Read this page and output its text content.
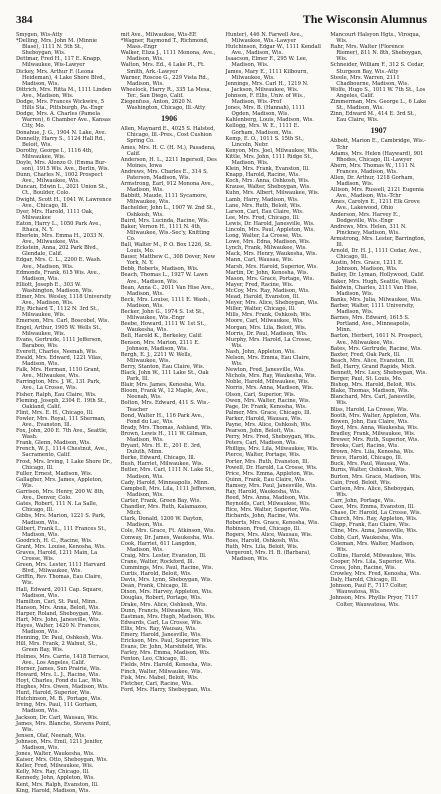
384	The Wisconsin Alumnus

Smygen, Wis-Atty

*Delling, Mrs. John M. (Minnie Blasé), 1111 N. 5th St., Sheboygan, Wis.

Dettmar, Fred H., 117 E. Knapp, Milwaukee, Wis-Lawyer

Dickey, Mrs. Arthur F. (Leona Heideman), 4 Lake Shore Blvd., Madison, Wis.

Dittrich, Mrs. Ritta M., 1111 Linden Ave., Madison, Wis.

Dodge, Mrs. Frances Wickwire, 5 Hills Sta., Pittsburgh, Pa.-Engr

Dodge, Mrs. A. Charles (Pamela Warren), 6 Chamber Ave., Kansas City, Mo.

Donahue, J. G., 1904 N. Lake, Ave.

Donnelly, Harry S., 1124 Hall Rd., Beloit, Wis.

Dorothy, George I., 1116 4th, Milwaukee, Wis.

Doyle, Mrs. Alonzo O. (Emma Bur-son), 1915 Wis. Ave., Berlin, Wis.

Dunn, Charles N., 1002 Prospect Ave., Milwaukee, Wis.

Duncan, Edwin L., 2021 Union St., Ct., Boulder, Colo.

Dwight, Scott H., 1041 W. Lawrence Ave., Chicago, Ill.

Dyer, Mrs. Harold, 1111 Oak, Milwaukee

Eaton, Harry L., 1050 Park Ave., Ithaca, N. Y.

Eberlein, Mrs. Emma H., 2033 N. Ave., Milwaukee, Wis.

Eckstein, Anna, 202 Park Blvd., Glendale, Calif.

Edgar, Mrs. C. L., 2200 E. Wash. Ave., Madison, Wis.

Edmonds, Frank, 615 Wis. Ave., Madison, Wis.

Elliott, Joseph E., 303 W. Washington, Madison, Wis.

Elmer, Mrs. Wesley, 1118 University Ave., Madison, Wis.

Ely, Richard T., 1112 N. 3rd St., Milwaukee, Wis.

Emerson, Mrs. Carl, Boscobel, Wis.

Engel, Arthur, 1905 W. Wells St., Milwaukee, Wis.

Evans, Gertrude, 1111 Jefferson, Baraboo, Wis.

Everett, Charles, Neenah, Wis.

Ewald, Mrs. Edward, 1221 Vilas, Madison, Wis.

Falk, Mrs. Herman, 1110 Grant, Ave., Milwaukee, Wis.

Farrington, Mrs. J. W., 131 Park, Ave., La Crosse, Wis.

Fisher, Ralph, Eau Claire, Wis.

Fleming, Joseph, 2304 E. 19th St., Oakland, Calif.

Flint, Mrs. E. H., Chicago, Ill.

Fowler, Mrs. Royal, 111 Sherman, Ave., Evanston, Ill.

Fox, John, 200 E. 7th Ave., Seattle, Wash.

Frank, Glenn, Madison, Wis.

French, W. J., 1114 Chestnut, Ave., Sacramento, Calif.

Frost, Mrs. Irving, 1 Lake Shore Dr., Chicago, Ill.

Fuller, Ernest, Madison, Wis.

Gallagher, Mrs. James, Appleton, Wis.

Garrison, Mrs. Henry, 200 W. 8th, Ave., Denver, Colo.

Gates, Robert, 111 N. La Salle, Chicago, Ill.

Gibbs, Mrs. Marion, 1221 S. Park, Madison, Wis.

Gilbert, Frank L., 111 Frances St., Madison, Wis.

Goodrich, H. C., Racine, Wis.

Grant, Mrs. Louise, Kenosha, Wis.

Graves, Harold, 1211 Main, La Crosse, Wis.

Green, Mrs. Lester, 1111 Harvard Blvd., Milwaukee, Wis.

Griffin, Rev. Thomas, Eau Claire, Wis.

Hall, Edward, 2011 Cap. Square, Madison, Wis.

Hamilton, Carl, St. Paul, Minn.

Hanson, Mrs. Anna, Beloit, Wis.

Harper, Roland, Sheboygan, Wis.

Hart, Mrs. John, Janesville, Wis.

Hayes, Walter, 1420 N. Frances, Madison, Wis.

Henning, Dr. Paul, Oshkosh, Wis.

Hill, Mrs. Frank, 2 Walnut, St., Green Bay, Wis.

Holmes, Mrs. Carrie, 1418 Terrace, Ave., Los Angeles, Calif.

Horner, James, Sun Prairie, Wis.

Howard, Mrs. L. J., Racine, Wis.

Hoyt, Charles, Fond du Lac, Wis.

Hughes, Mrs. Owen, Madison, Wis.

Hunt, Harold, Superior, Wis.

Hutchinson, M. B., Portage, Wis.

Irving, Mrs. Paul, 111 Gorham, Madison, Wis.

Jackson, Dr. Carl, Wausau, Wis.

James, Mrs. Blanche, Stevens Point, Wis.

Jensen, Olaf, Neenah, Wis.

Johnson, Mrs. Emil, 1211 Jenifer, Madison, Wis.

Jones, Walter, Waukesha, Wis.

Kaiser, Mrs. Otto, Sheboygan, Wis.

Keller, Fred, Milwaukee, Wis.

Kelly, Mrs. Ray, Chicago, Ill.

Kennedy, John, Appleton, Wis.

Kent, Mrs. Ralph, Evanston, Ill.

King, Harold, Madison, Wis.

mit Ave., Milwaukee, Wis-EE

*Wagner, Raymond T., Richmond, Mass.-Engr

Walker, Eliza J., 1111 Monona, Ave., Madison, Wis.

Walton, Mrs. Ed., 4 Lake Pl., Ft. Smith, Ark.-Lawyer

Warner, Roscoe G., 229 Vista Rd., Madison, Wis.

Wheelock, Harry R., 335 La Mesa, Ter., San Diego, Calif.

Ziegenfuss, Anton, 2620 N. Washington, Chicago, Ill.-Atty

1906

Allen, Maynard E., 4025 S. Halsted, Chicago, Ill.-Pres., Cost Cushion Spring Co.

Ames, Mrs. H. C. (H. M.), Pasadena, Calif.

Anderson, H. L., 2211 Ingersoll, Des Moines, Iowa

Andrews, Mrs. Charles E., 314 S. Paterson, Madison, Wis.

Armstrong, Earl, 912 Monona Ave., Madison, Wis.

Babbitt, Maude, 1111 Sycamore, Milwaukee, Wis.

Bachelder, John L., 1907 W. 2nd St., Oshkosh, Wis.

Baird, Mrs. Lucinda, Racine, Wis.

Baker, Vernon H., 1111 N. 4th, Milwaukee, Wis.-Sec'y, Knitting Co.

Ball, Walter M., P. O. Box 1226, St. Louis, Mo.

Bauer, Matthew C., 308 Dover, New York, N. Y.

Bebb, Roberts, Madison, Wis.

Beach, Thomas L., 1927 W. Lawn Ave., Madison, Wis.

Bean, Anna C., 2011 Van Hise Ave., Madison, Wis.

Beck, Mrs. Louise, 1111 E. Wash., Madison, Wis.

Becker, John G., 1974 S. 1st St., Milwaukee, Wis.-Engr

Beebe, Howard, 1111 W. 1st St., Waukesha, Wis.

Bell, Harold K., Berkeley, Calif.

Benson, Mrs. Marion, 2111 E. Johnson, Madison, Wis.

Bergh, E. J., 2211 W. Wells, Milwaukee, Wis.

Berry, Stanton, Eau Claire, Wis.

Black, John W., 111 Lake St., Oak Park, Ill.

Blair, Mrs. James, Kenosha, Wis.

Bloom, Frank W., 12 Maple, Ave., Neenah, Wis.

Bolton, Mrs. Edward, 411 S. Wis.-Teacher

Bond, Walter H., 116 Park Ave., Fond du Lac, Wis.

Brady, Mrs. Thomas, Ashland, Wis.

Brown, Lewis H., 111 W. Gilman, Madison, Wis.

Bryant, Mrs. H. E., 201 E. 3rd, Duluth, Minn.

Burke, Edward, Chicago, Ill.

Bush, Harriet, Milwaukee, Wis.

Butler, Mrs. Carl, 1111 N. Lake St., Madison, Wis.

Cady, Harold, Minneapolis, Minn.

Campbell, Mrs. Lila, 1111 Jefferson, Madison, Wis.

Carter, Frank, Green Bay, Wis.

Chandler, Mrs. Ruth, Kalamazoo, Mich.

Clark, Donald, 1200 W. Dayton, Madison, Wis.

Cole, Mrs. Grace, Ft. Atkinson, Wis.

Conway, Dr. James, Waukesha, Wis.

Cook, Harriet, 611 Langdon, Madison, Wis.

Craig, Mrs. Lester, Evanston, Ill.

Crane, Walter, Rockford, Ill.

Cummings, Mrs. Paul, Racine, Wis.

Curtis, Harold, Beloit, Wis.

Davis, Mrs. Lynn, Sheboygan, Wis.

Dean, Frank, Chicago, Ill.

Dixon, Mrs. Harvey, Appleton, Wis.

Douglas, Robert, Portage, Wis.

Drake, Mrs. Alice, Oshkosh, Wis.

Dunn, Francis, Milwaukee, Wis.

Eastman, Mrs. Hugh, Madison, Wis.

Edwards, Carl, La Crosse, Wis.

Ellis, Mrs. Ray, Wausau, Wis.

Emery, Harold, Janesville, Wis.

Erickson, Mrs. Paul, Superior, Wis.

Evans, Dr. John, Marshfield, Wis.

Farley, Mrs. Emma, Madison, Wis.

Fenton, Leo, Chicago, Ill.

Fields, Mrs. Harold, Kenosha, Wis.

Finch, Walter, Milwaukee, Wis.

Fisk, Mrs. Mabel, Beloit, Wis.

Fletcher, Carl, Racine, Wis.

Ford, Mrs. Harry, Sheboygan, Wis.

Hunter), 446 N. Farwell Ave., Milwaukee, Wis.-Lawyer

Hutchinson, Edgar W., 1111 Kendall Ave., Madison, Wis.

Isaacson, Elmer F., 295 W. Lee, Madison, Wis.

James, Mary E., 1111 Kilbourn, Milwaukee, Wis.

Jennings, Mrs. Carl H., 1219 N. Jackson, Milwaukee, Wis.

Johnson, F. Ellis, Univ. of Wis., Madison, Wis.-Prof

Jones, Mrs. B. (Hannah), 1111 Ogden, Madison, Wis.

Kahlenberg, Louis, Madison, Wis.

Kellogg, Mrs. W. E., 1111 E. Gorham, Madison, Wis.

Kemp, E. O., 1011 S. 15th St., Lincoln, Nebr.

Kenyon, Mrs. Joel, Milwaukee, Wis.

Kittle, Mrs. John, 1111 Ridge St., Madison, Wis.

Klein, Mrs. Frank, Evanston, Ill.

Knapp, Harold, Racine, Wis.

Koch, Mrs. Anna, Oshkosh, Wis.

Krause, Walter, Sheboygan, Wis.

Kuhn, Mrs. Albert, Milwaukee, Wis.

Lamb, Harry, Madison, Wis.

Lane, Mrs. Ruth, Beloit, Wis.

Larson, Carl, Eau Claire, Wis.

Lee, Mrs. Fred, Chicago, Ill.

Lewis, Dr. Harold, Janesville, Wis.

Lincoln, Mrs. Paul, Appleton, Wis.

Long, Walter, La Crosse, Wis.

Lowe, Mrs. Edna, Madison, Wis.

Lynch, Frank, Milwaukee, Wis.

Mack, Mrs. Henry, Waukesha, Wis.

Mann, Carl, Wausau, Wis.

Marsh, Mrs. Harold, Superior, Wis.

Martin, Dr. John, Kenosha, Wis.

Mason, Mrs. Grace, Portage, Wis.

Mayer, Fred, Racine, Wis.

McCoy, Mrs. Ray, Madison, Wis.

Mead, Harold, Evanston, Ill.

Meyer, Mrs. Alice, Sheboygan, Wis.

Miller, Walter, Chicago, Ill.

Mills, Mrs. Frank, Oshkosh, Wis.

Moore, Carl, Milwaukee, Wis.

Morgan, Mrs. Lila, Beloit, Wis.

Morris, Dr. Paul, Madison, Wis.

Murphy, Mrs. Harold, La Crosse, Wis.

Nash, John, Appleton, Wis.

Nelson, Mrs. Emma, Eau Claire, Wis.

Newton, Fred, Janesville, Wis.

Nichols, Mrs. Ray, Waukesha, Wis.

Noble, Harold, Milwaukee, Wis.

Norris, Mrs. Anna, Madison, Wis.

Olson, Carl, Superior, Wis.

Owen, Mrs. Walter, Racine, Wis.

Page, Dr. Frank, Kenosha, Wis.

Palmer, Mrs. Grace, Chicago, Ill.

Parker, Harold, Wausau, Wis.

Payne, Mrs. Alice, Oshkosh, Wis.

Pearson, John, Beloit, Wis.

Perry, Mrs. Fred, Sheboygan, Wis.

Peters, Carl, Madison, Wis.

Phillips, Mrs. Lila, Milwaukee, Wis.

Pierce, Walter, Portage, Wis.

Porter, Mrs. Ruth, Evanston, Ill.

Powell, Dr. Harold, La Crosse, Wis.

Price, Mrs. Emma, Appleton, Wis.

Quinn, Frank, Eau Claire, Wis.

Ramsey, Mrs. Paul, Janesville, Wis.

Ray, Harold, Waukesha, Wis.

Reed, Mrs. Anna, Madison, Wis.

Reynolds, Carl, Milwaukee, Wis.

Rice, Mrs. Walter, Superior, Wis.

Richards, John, Racine, Wis.

Roberts, Mrs. Grace, Kenosha, Wis.

Robinson, Fred, Chicago, Ill.

Rogers, Mrs. Alice, Wausau, Wis.

Ross, Harold, Oshkosh, Wis.

Ruth, Mrs. Lila, Beloit, Wis.

Vergeront, Mrs. H. B. (Barbara), Madison, Wis.

Mancourt Halsyon Hgts., Viroqua, Wis.

Rahr, Mrs. Walter (Florence Riemer), 811 N. 8th, Sheboygan, Wis.

Schneider, William F., 312 S. Cedar, Sturgeon Bay, Wis.-Atty

Steele, Mrs. Warren, 2111 Chadbourne, Madison, Wis.

Wolfe, Hugo S., 1011 W. 7th St., Los Angeles, Calif.

Zimmerman, Mrs. George L., 6 Lake St., Madison, Wis.

Zinn, Edward M., 414 E. 3rd St., Eau Claire, Wis.

1907

Abbott, Marion E., Cambridge, Wis.-Tchr

Adams, Mrs. Helen (Hayward), 901 Rhodes, Chicago, Ill.-Lawyer

Ahern, Mrs. Thomas W., 1111 N. Frances, Madison, Wis.

Allen, Dr. Arthur, 1218 Gorham, Madison, Wis.

Allison, Mrs. Russell, 2121 Eugenia Ave., Madison, Wis.-Tchr

Ames, Carolyn E., 1211 Elk Grove Ave., Lakewood, Ohio

Anderson, Mrs. Harvey E., Dodgeville, Wis.-Engr

Andrews, Mrs. Helen, 311 N. Pinckney, Madison, Wis.

Armstrong, Mrs. Lester, Barrington, Ill.

Arnold, Dr. H. J., 1111 Cedar, Ave., Chicago, Ill.

Austin, Mrs. Grace, 1211 E. Johnson, Madison, Wis.

Bailey, Dr. Lyman, Hollywood, Calif.

Baker, Mrs. Hugh, Seattle, Wash.

Baldwin, Charles, 2111 Van Hise, Madison, Wis.

Banks, Mrs. Julia, Milwaukee, Wis.

Barber, Walter, 1111 University, Madison, Wis.

Barnes, Mrs. Edward, 1615 S. Portland, Ave., Minneapolis, Minn.

Barton, Herbert, 1611 N. Prospect, Ave., Milwaukee, Wis.

Bates, Mrs. Gertrude, Racine, Wis.

Baxter, Fred, Oak Park, Ill.

Beach, Mrs. Alice, Evanston, Ill.

Bell, Harry, Grand Rapids, Mich.

Bennett, Mrs. Lucy, Sheboygan, Wis.

Berger, Paul, St. Louis, Mo.

Bishop, Mrs. Harold, Beloit, Wis.

Blake, Thomas, Madison, Wis.

Blanchard, Mrs. Carl, Janesville, Wis.

Bliss, Harold, La Crosse, Wis.

Booth, Mrs. Walter, Appleton, Wis.

Bowen, John, Eau Claire, Wis.

Boyd, Mrs. Anna, Waukesha, Wis.

Bradley, Frank, Milwaukee, Wis.

Brewer, Mrs. Ruth, Superior, Wis.

Brooks, Carl, Racine, Wis.

Brown, Mrs. Lila, Kenosha, Wis.

Bruce, Harold, Chicago, Ill.

Buck, Mrs. Paul, Wausau, Wis.

Burns, Walter, Oshkosh, Wis.

Burton, Mrs. Grace, Madison, Wis.

Cain, Fred, Beloit, Wis.

Carlson, Mrs. Alice, Sheboygan, Wis.

Carr, John, Portage, Wis.

Case, Mrs. Emma, Evanston, Ill.

Chase, Dr. Harold, La Crosse, Wis.

Church, Mrs. Ray, Appleton, Wis.

Clapp, Frank, Eau Claire, Wis.

Cline, Mrs. Anna, Janesville, Wis.

Cobb, Carl, Waukesha, Wis.

Coleman, Mrs. Walter, Madison, Wis.

Collins, Harold, Milwaukee, Wis.

Cooper, Mrs. Lila, Superior, Wis.

Cross, John, Racine, Wis.

Crowley, Mrs. Fred, Kenosha, Wis.

Daly, Harold, Chicago, Ill.

Johnson, Paul F., 7117 Colter, Wauwatosa, Wis.

Johnson, Mrs. Phyllis Pryor, 7117 Colter, Wauwatosa, Wis.
